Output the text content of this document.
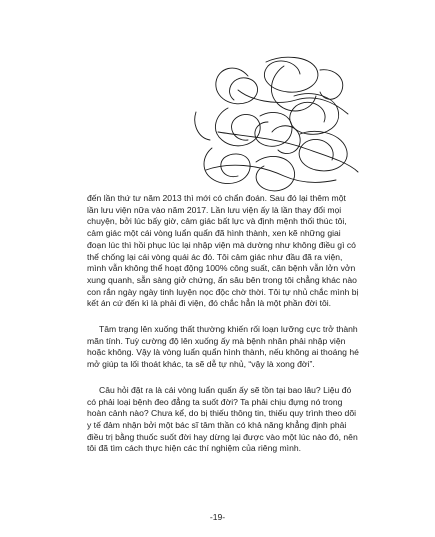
đến lần thứ tư năm 2013 thì mới có chẩn đoán. Sau đó lại thêm một lần lưu viện nữa vào năm 2017. Lần lưu viện ấy là lần thay đổi mọi chuyện, bởi lúc bấy giờ, cảm giác bất lực và định mệnh thối thúc tôi, cảm giác một cái vòng luẩn quẩn đã hình thành, xen kẽ những giai đoạn lúc thì hồi phục lúc lại nhập viện mà dường như không điều gì có thể chống lại cái vòng quái ác đó. Tôi cảm giác như đầu đã ra viện, mình vẫn không thể hoạt động 100% công suất, căn bệnh vẫn lởn vởn xung quanh, sẵn sàng giở chứng, ẩn sâu bên trong tôi chẳng khác nào con rắn ngày ngày tinh luyện nọc độc chờ thời. Tôi tự nhủ chắc mình bị kết án cứ đến kì là phải đi viện, đó chắc hẳn là một phần đời tôi.

Tâm trạng lên xuống thất thường khiến rối loạn lưỡng cực trở thành mãn tính. Tuỳ cường độ lên xuống ấy mà bệnh nhân phải nhập viện hoặc không. Vậy là vòng luẩn quẩn hình thành, nếu không ai thoáng hé mở giúp ta lối thoát khác, ta sẽ dễ tự nhủ, “vậy là xong đời”.

Câu hỏi đặt ra là cái vòng luẩn quẩn ấy sẽ tồn tại bao lâu? Liệu đó có phải loại bệnh đeo đẳng ta suốt đời? Ta phải chịu đựng nó trong hoàn cảnh nào? Chưa kể, do bị thiếu thông tin, thiếu quy trình theo dõi y tế đảm nhận bởi một bác sĩ tâm thần có khả năng khẳng định phải điều trị bằng thuốc suốt đời hay dừng lại được vào một lúc nào đó, nên tôi đã tìm cách thực hiện các thí nghiệm của riêng mình.

-19-
